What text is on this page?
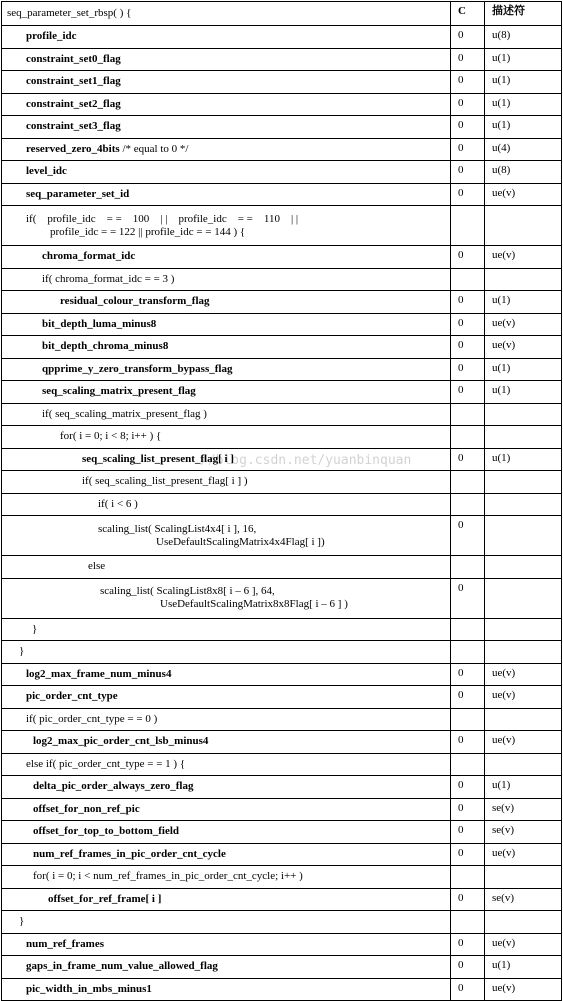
seq_parameter_set_rbsp( ) {	C	描述符
profile_idc	0	u(8)
constraint_set0_flag	0	u(1)
constraint_set1_flag	0	u(1)
constraint_set2_flag	0	u(1)
constraint_set3_flag	0	u(1)
reserved_zero_4bits /* equal to 0 */	0	u(4)
level_idc	0	u(8)
seq_parameter_set_id	0	ue(v)

if(    profile_idc    = =    100    | |    profile_idc    = =    110    | |
profile_idc = = 122 || profile_idc = = 144 ) {		

chroma_format_idc	0	ue(v)
if( chroma_format_idc = = 3 )		
residual_colour_transform_flag	0	u(1)
bit_depth_luma_minus8	0	ue(v)
bit_depth_chroma_minus8	0	ue(v)
qpprime_y_zero_transform_bypass_flag	0	u(1)
seq_scaling_matrix_present_flag	0	u(1)
if( seq_scaling_matrix_present_flag )		
for( i = 0; i < 8; i++ ) {		
seq_scaling_list_present_flag[ i ]	0	u(1)
if( seq_scaling_list_present_flag[ i ] )		
if( i < 6 )		

scaling_list( ScalingList4x4[ i ], 16,
UseDefaultScalingMatrix4x4Flag[ i ])	0	
else		

scaling_list( ScalingList8x8[ i – 6 ], 64,
UseDefaultScalingMatrix8x8Flag[ i – 6 ] )	0	
}		
}		
log2_max_frame_num_minus4	0	ue(v)
pic_order_cnt_type	0	ue(v)
if( pic_order_cnt_type = = 0 )		
log2_max_pic_order_cnt_lsb_minus4	0	ue(v)
else if( pic_order_cnt_type = = 1 ) {		
delta_pic_order_always_zero_flag	0	u(1)
offset_for_non_ref_pic	0	se(v)
offset_for_top_to_bottom_field	0	se(v)
num_ref_frames_in_pic_order_cnt_cycle	0	ue(v)
for( i = 0; i < num_ref_frames_in_pic_order_cnt_cycle; i++ )		
offset_for_ref_frame[ i ]	0	se(v)
}		
num_ref_frames	0	ue(v)
gaps_in_frame_num_value_allowed_flag	0	u(1)
pic_width_in_mbs_minus1	0	ue(v)
//blog.csdn.net/yuanbinquan
